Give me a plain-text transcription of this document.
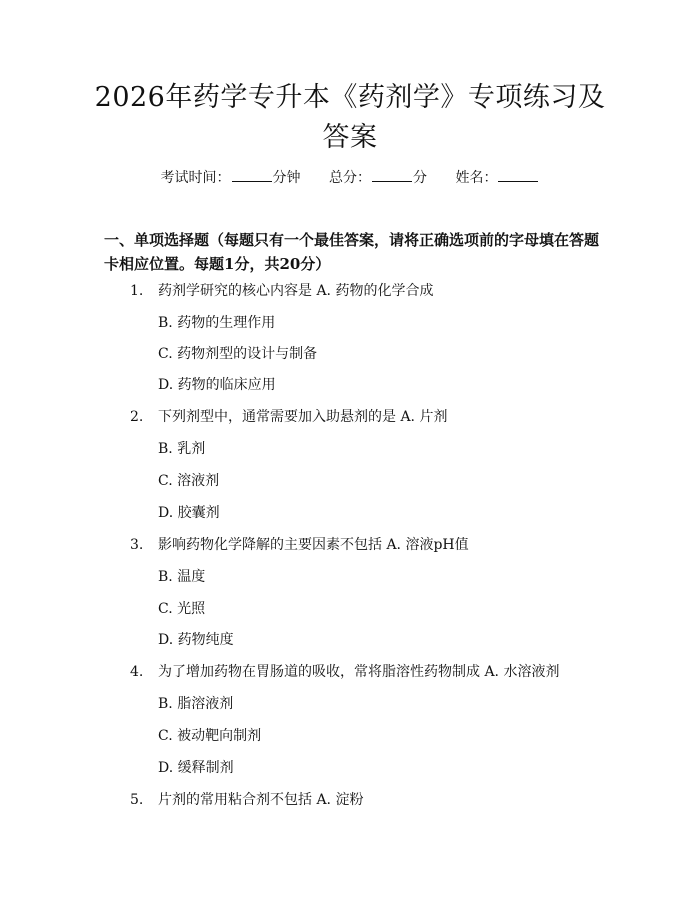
2026年药学专升本《药剂学》专项练习及答案
考试时间：	分钟 总分：	分 姓名：
一、单项选择题（每题只有一个最佳答案，请将正确选项前的字母填在答题卡相应位置。每题1分，共20分）
1. 药剂学研究的核心内容是 A. 药物的化学合成
B. 药物的生理作用
C. 药物剂型的设计与制备
D. 药物的临床应用
2. 下列剂型中，通常需要加入助悬剂的是 A. 片剂
B. 乳剂
C. 溶液剂
D. 胶囊剂
3. 影响药物化学降解的主要因素不包括 A. 溶液pH值
B. 温度
C. 光照
D. 药物纯度
4. 为了增加药物在胃肠道的吸收，常将脂溶性药物制成 A. 水溶液剂
B. 脂溶液剂
C. 被动靶向制剂
D. 缓释制剂
5. 片剂的常用粘合剂不包括 A. 淀粉
